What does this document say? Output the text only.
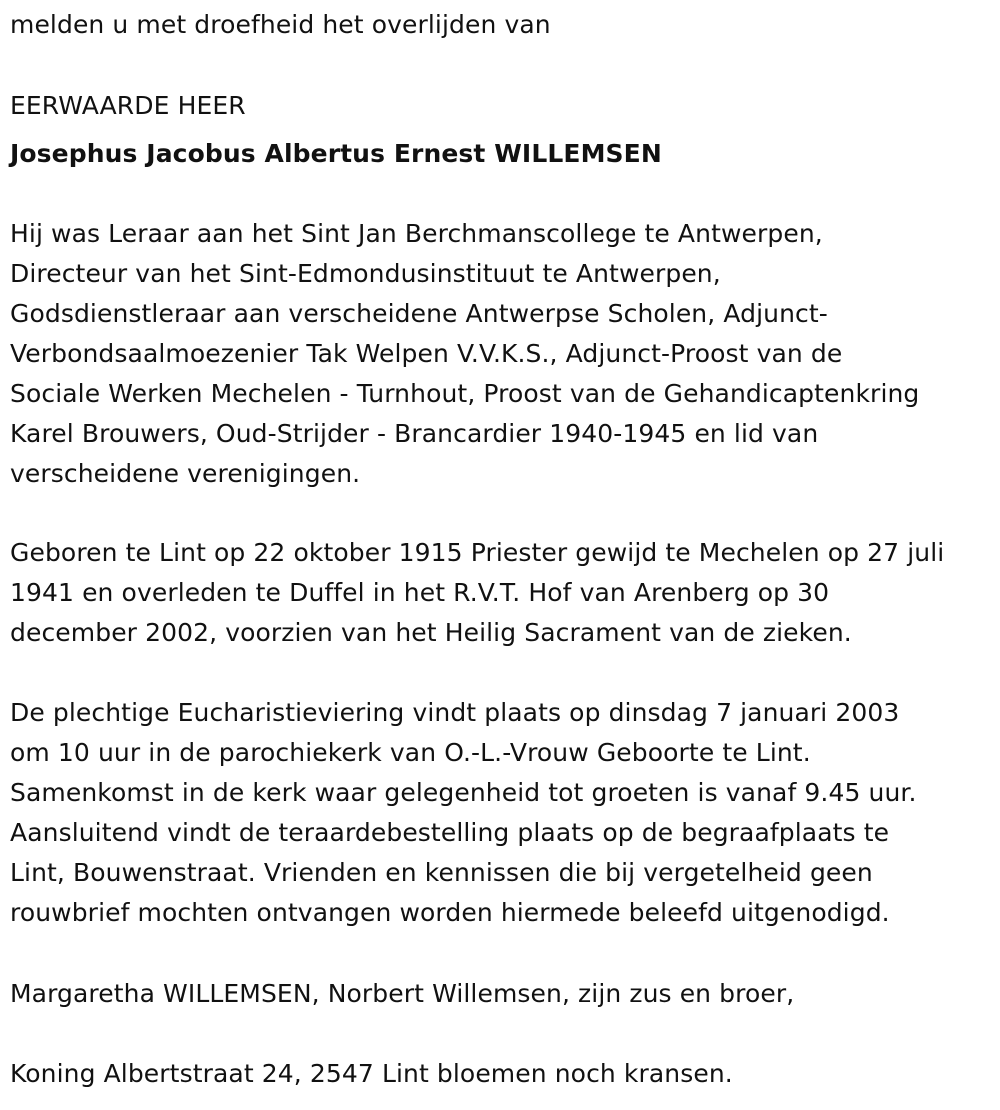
melden u met droefheid het overlijden van
EERWAARDE HEER
Josephus Jacobus Albertus Ernest WILLEMSEN
Hij was Leraar aan het Sint Jan Berchmanscollege te Antwerpen,
Directeur van het Sint-Edmondusinstituut te Antwerpen,
Godsdienstleraar aan verscheidene Antwerpse Scholen, Adjunct-
Verbondsaalmoezenier Tak Welpen V.V.K.S., Adjunct-Proost van de
Sociale Werken Mechelen - Turnhout, Proost van de Gehandicaptenkring
Karel Brouwers, Oud-Strijder - Brancardier 1940-1945 en lid van
verscheidene verenigingen.
Geboren te Lint op 22 oktober 1915 Priester gewijd te Mechelen op 27 juli
1941 en overleden te Duffel in het R.V.T. Hof van Arenberg op 30
december 2002, voorzien van het Heilig Sacrament van de zieken.
De plechtige Eucharistieviering vindt plaats op dinsdag 7 januari 2003
om 10 uur in de parochiekerk van O.-L.-Vrouw Geboorte te Lint.
Samenkomst in de kerk waar gelegenheid tot groeten is vanaf 9.45 uur.
Aansluitend vindt de teraardebestelling plaats op de begraafplaats te
Lint, Bouwenstraat. Vrienden en kennissen die bij vergetelheid geen
rouwbrief mochten ontvangen worden hiermede beleefd uitgenodigd.
Margaretha WILLEMSEN, Norbert Willemsen, zijn zus en broer,
Koning Albertstraat 24, 2547 Lint bloemen noch kransen.
